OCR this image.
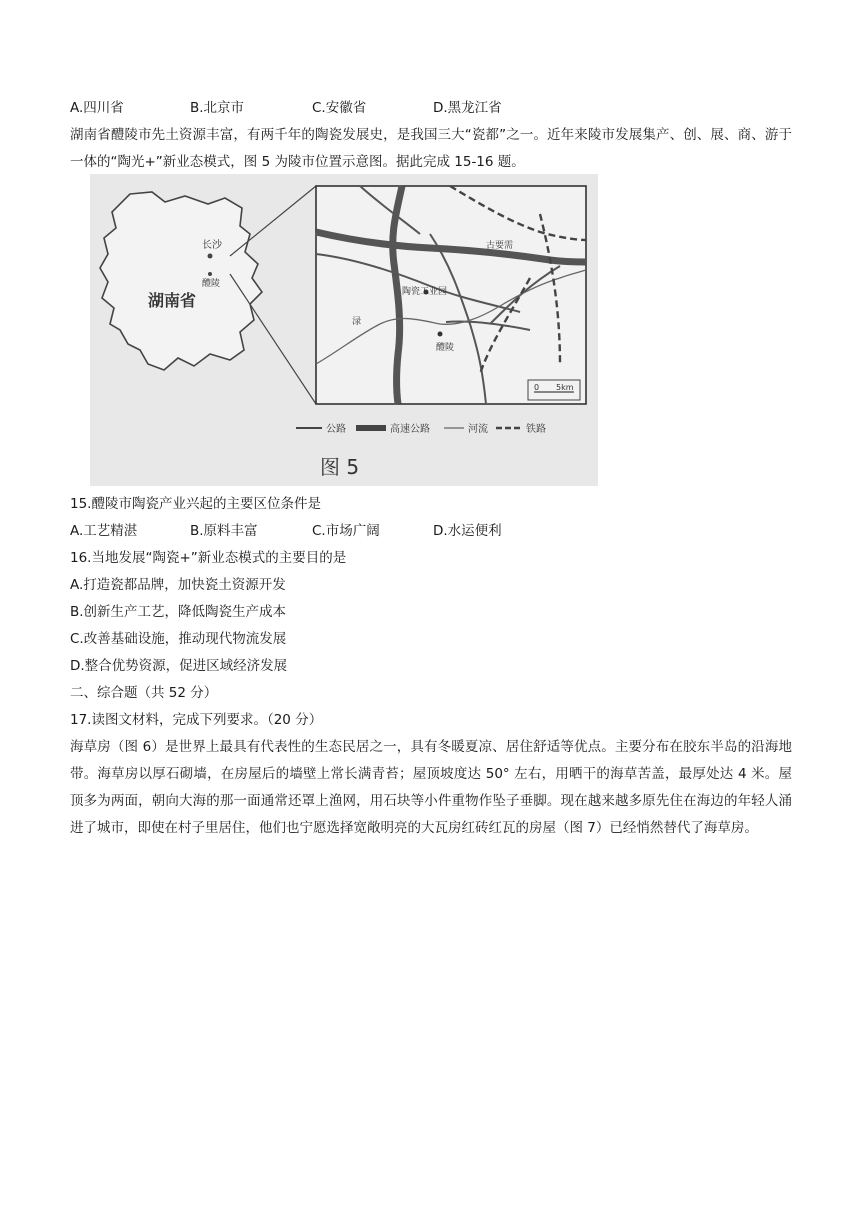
A.四川省	B.北京市	C.安徽省	D.黑龙江省
湖南省醴陵市先土资源丰富，有两千年的陶瓷发展史，是我国三大“瓷都”之一。近年来陵市发展集产、创、展、商、游于一体的“陶光+”新业态模式，图 5 为陵市位置示意图。据此完成 15-16 题。
长沙
醴陵
湖南省
古要需
陶瓷工业园
醴陵
渌
0 5km
公路	高速公路	河流	铁路
图 5
15.醴陵市陶瓷产业兴起的主要区位条件是
A.工艺精湛	B.原料丰富	C.市场广阔	D.水运便利
16.当地发展“陶瓷+”新业态模式的主要目的是
A.打造瓷都品牌，加快瓷土资源开发
B.创新生产工艺，降低陶瓷生产成本
C.改善基础设施，推动现代物流发展
D.整合优势资源，促进区域经济发展
二、综合题（共 52 分）
17.读图文材料，完成下列要求。（20 分）
海草房（图 6）是世界上最具有代表性的生态民居之一，具有冬暖夏凉、居住舒适等优点。主要分布在胶东半岛的沿海地带。海草房以厚石砌墙，在房屋后的墙壁上常长满青苔；屋顶坡度达 50° 左右，用晒干的海草苦盖，最厚处达 4 米。屋顶多为两面，朝向大海的那一面通常还罩上渔网，用石块等小件重物作坠子垂脚。现在越来越多原先住在海边的年轻人涌进了城市，即使在村子里居住，他们也宁愿选择宽敞明亮的大瓦房红砖红瓦的房屋（图 7）已经悄然替代了海草房。
